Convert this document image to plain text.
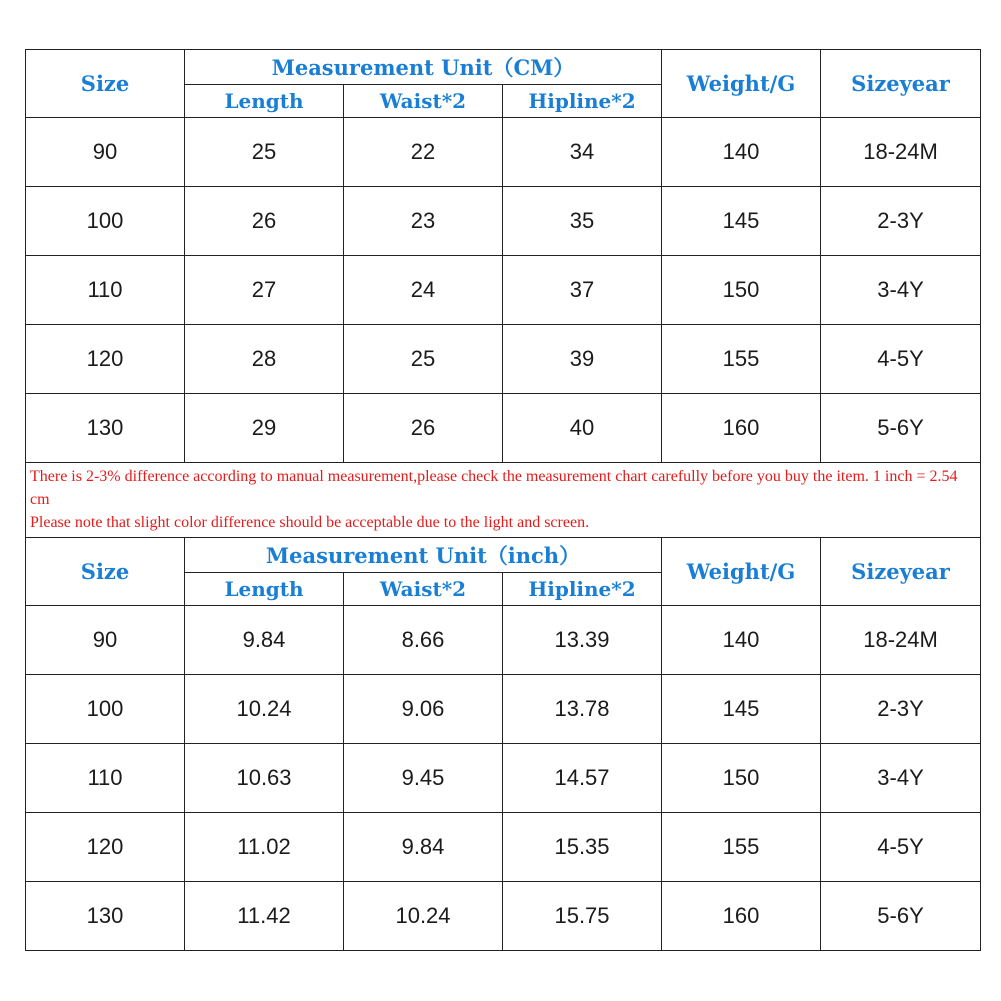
Size	Measurement Unit（CM）			Weight/G	Sizeyear
	Length	Waist*2	Hipline*2		
90	25	22	34	140	18-24M
100	26	23	35	145	2-3Y
110	27	24	37	150	3-4Y
120	28	25	39	155	4-5Y
130	29	26	40	160	5-6Y

There is 2-3% difference according to manual measurement,please check the measurement chart carefully before you buy the item. 1 inch = 2.54 cm
Please note that slight color difference should be acceptable due to the light and screen.					

Size	Measurement Unit（inch）			Weight/G	Sizeyear
	Length	Waist*2	Hipline*2		
90	9.84	8.66	13.39	140	18-24M
100	10.24	9.06	13.78	145	2-3Y
110	10.63	9.45	14.57	150	3-4Y
120	11.02	9.84	15.35	155	4-5Y
130	11.42	10.24	15.75	160	5-6Y
